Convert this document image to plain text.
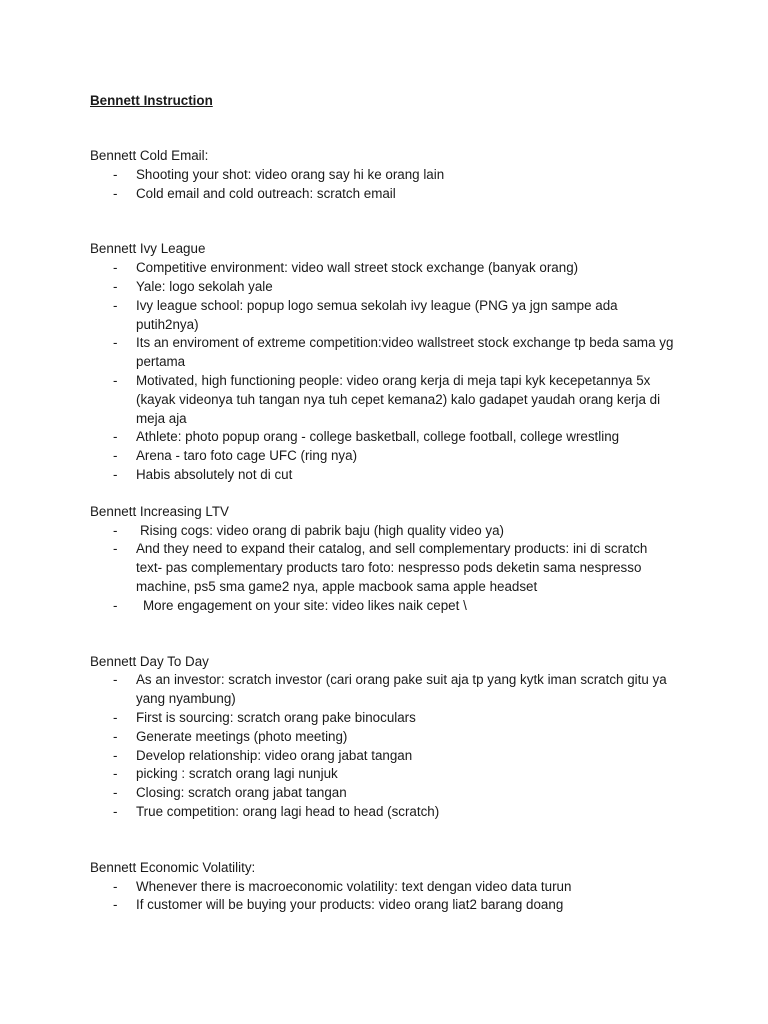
Bennett Instruction
Bennett Cold Email:
- Shooting your shot: video orang say hi ke orang lain
- Cold email and cold outreach: scratch email
Bennett Ivy League
- Competitive environment: video wall street stock exchange (banyak orang)
- Yale: logo sekolah yale
- Ivy league school: popup logo semua sekolah ivy league (PNG ya jgn sampe ada putih2nya)
- Its an enviroment of extreme competition:video wallstreet stock exchange tp beda sama yg pertama
- Motivated, high functioning people: video orang kerja di meja tapi kyk kecepetannya 5x (kayak videonya tuh tangan nya tuh cepet kemana2) kalo gadapet yaudah orang kerja di meja aja
- Athlete: photo popup orang - college basketball, college football, college wrestling
- Arena - taro foto cage UFC (ring nya)
- Habis absolutely not di cut
Bennett Increasing LTV
- Rising cogs: video orang di pabrik baju (high quality video ya)
- And they need to expand their catalog, and sell complementary products: ini di scratch text- pas complementary products taro foto: nespresso pods deketin sama nespresso machine, ps5 sma game2 nya, apple macbook sama apple headset
-	More engagement on your site: video likes naik cepet \
Bennett Day To Day
- As an investor: scratch investor (cari orang pake suit aja tp yang kytk iman scratch gitu ya yang nyambung)
- First is sourcing: scratch orang pake binoculars
- Generate meetings (photo meeting)
- Develop relationship: video orang jabat tangan
- picking : scratch orang lagi nunjuk
- Closing: scratch orang jabat tangan
- True competition: orang lagi head to head (scratch)
Bennett Economic Volatility:
- Whenever there is macroeconomic volatility: text dengan video data turun
- If customer will be buying your products: video orang liat2 barang doang
